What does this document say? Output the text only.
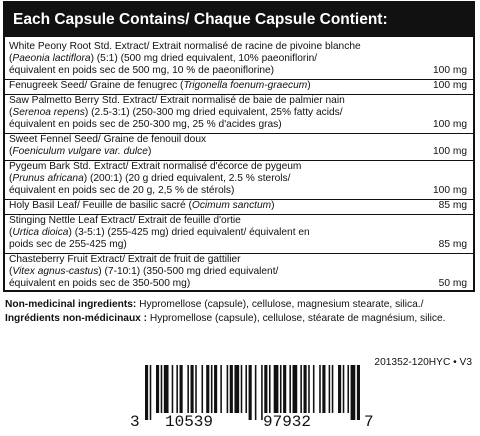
Each Capsule Contains/ Chaque Capsule Contient:
White Peony Root Std. Extract/ Extrait normalisé de racine de pivoine blanche
(Paeonia lactiflora) (5:1) (500 mg dried equivalent, 10% paeoniflorin/
équivalent en poids sec de 500 mg, 10 % de paeoniflorine)	100 mg
Fenugreek Seed/ Graine de fenugrec (Trigonella foenum-graecum)	100 mg
Saw Palmetto Berry Std. Extract/ Extrait normalisé de baie de palmier nain
(Serenoa repens) (2.5-3:1) (250-300 mg dried equivalent, 25% fatty acids/
équivalent en poids sec de 250-300 mg, 25 % d'acides gras)	100 mg
Sweet Fennel Seed/ Graine de fenouil doux
(Foeniculum vulgare var. dulce)	100 mg
Pygeum Bark Std. Extract/ Extrait normalisé d'écorce de pygeum
(Prunus africana) (200:1) (20 g dried equivalent, 2.5 % sterols/
équivalent en poids sec de 20 g, 2,5 % de stérols)	100 mg
Holy Basil Leaf/ Feuille de basilic sacré (Ocimum sanctum)	85 mg
Stinging Nettle Leaf Extract/ Extrait de feuille d'ortie
(Urtica dioica) (3-5:1) (255-425 mg) dried equivalent/ équivalent en
poids sec de 255-425 mg)	85 mg
Chasteberry Fruit Extract/ Extrait de fruit de gattilier
(Vitex agnus-castus) (7-10:1) (350-500 mg dried equivalent/
équivalent en poids sec de 350-500 mg)	50 mg
Non-medicinal ingredients: Hypromellose (capsule), cellulose, magnesium stearate, silica./ Ingrédients non-médicinaux : Hypromellose (capsule), cellulose, stéarate de magnésium, silice.
201352-120HYC • V3
3 10539	97932	7
